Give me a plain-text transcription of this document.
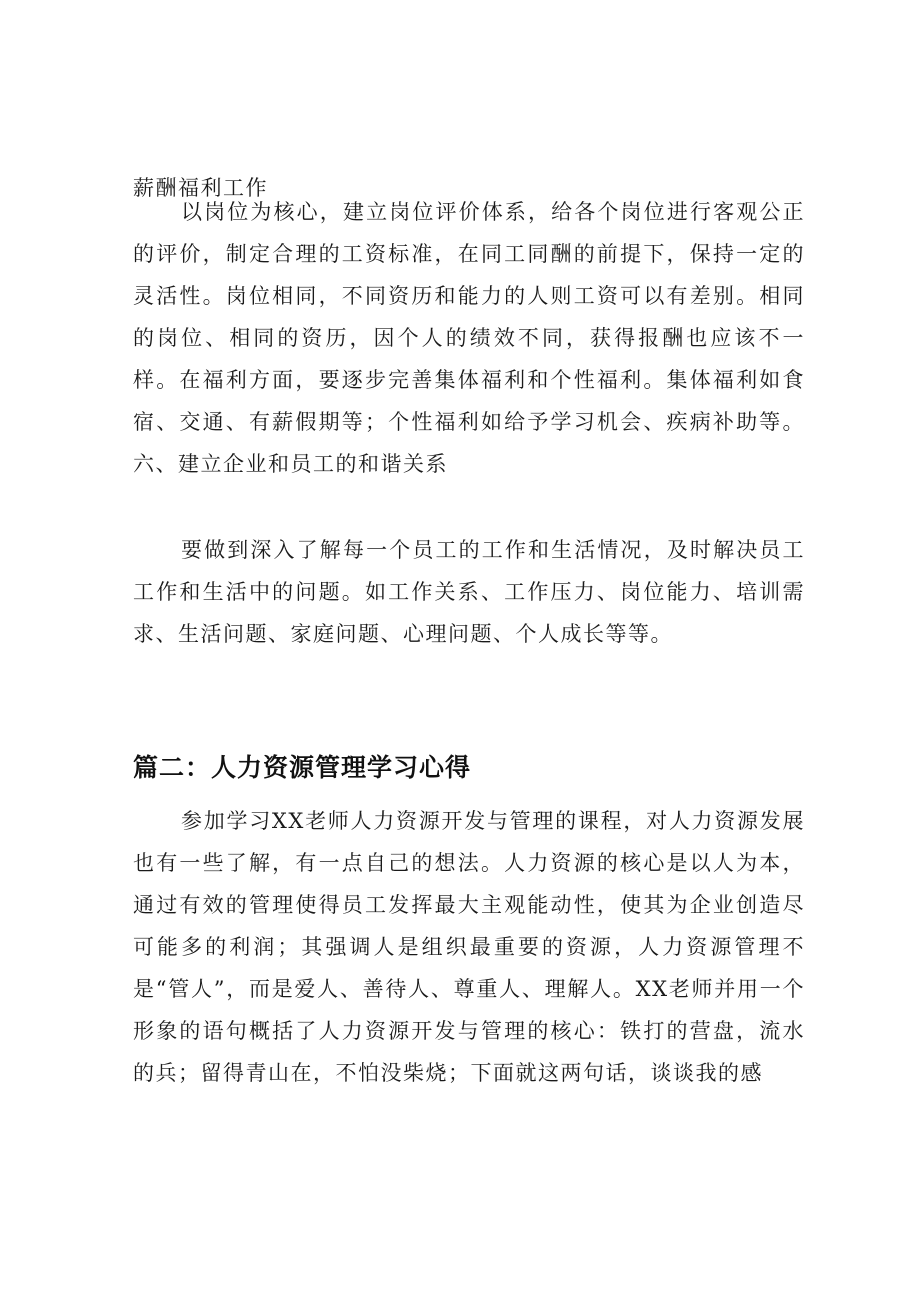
薪酬福利工作
以岗位为核心，建立岗位评价体系，给各个岗位进行客观公正的评价，制定合理的工资标准，在同工同酬的前提下，保持一定的灵活性。岗位相同，不同资历和能力的人则工资可以有差别。相同的岗位、相同的资历，因个人的绩效不同，获得报酬也应该不一样。在福利方面，要逐步完善集体福利和个性福利。集体福利如食宿、交通、有薪假期等；个性福利如给予学习机会、疾病补助等。六、建立企业和员工的和谐关系
要做到深入了解每一个员工的工作和生活情况，及时解决员工工作和生活中的问题。如工作关系、工作压力、岗位能力、培训需求、生活问题、家庭问题、心理问题、个人成长等等。
篇二：人力资源管理学习心得
参加学习XX老师人力资源开发与管理的课程，对人力资源发展也有一些了解，有一点自己的想法。人力资源的核心是以人为本，通过有效的管理使得员工发挥最大主观能动性，使其为企业创造尽可能多的利润；其强调人是组织最重要的资源，人力资源管理不是“管人”，而是爱人、善待人、尊重人、理解人。XX老师并用一个形象的语句概括了人力资源开发与管理的核心：铁打的营盘，流水的兵；留得青山在，不怕没柴烧；下面就这两句话，谈谈我的感
